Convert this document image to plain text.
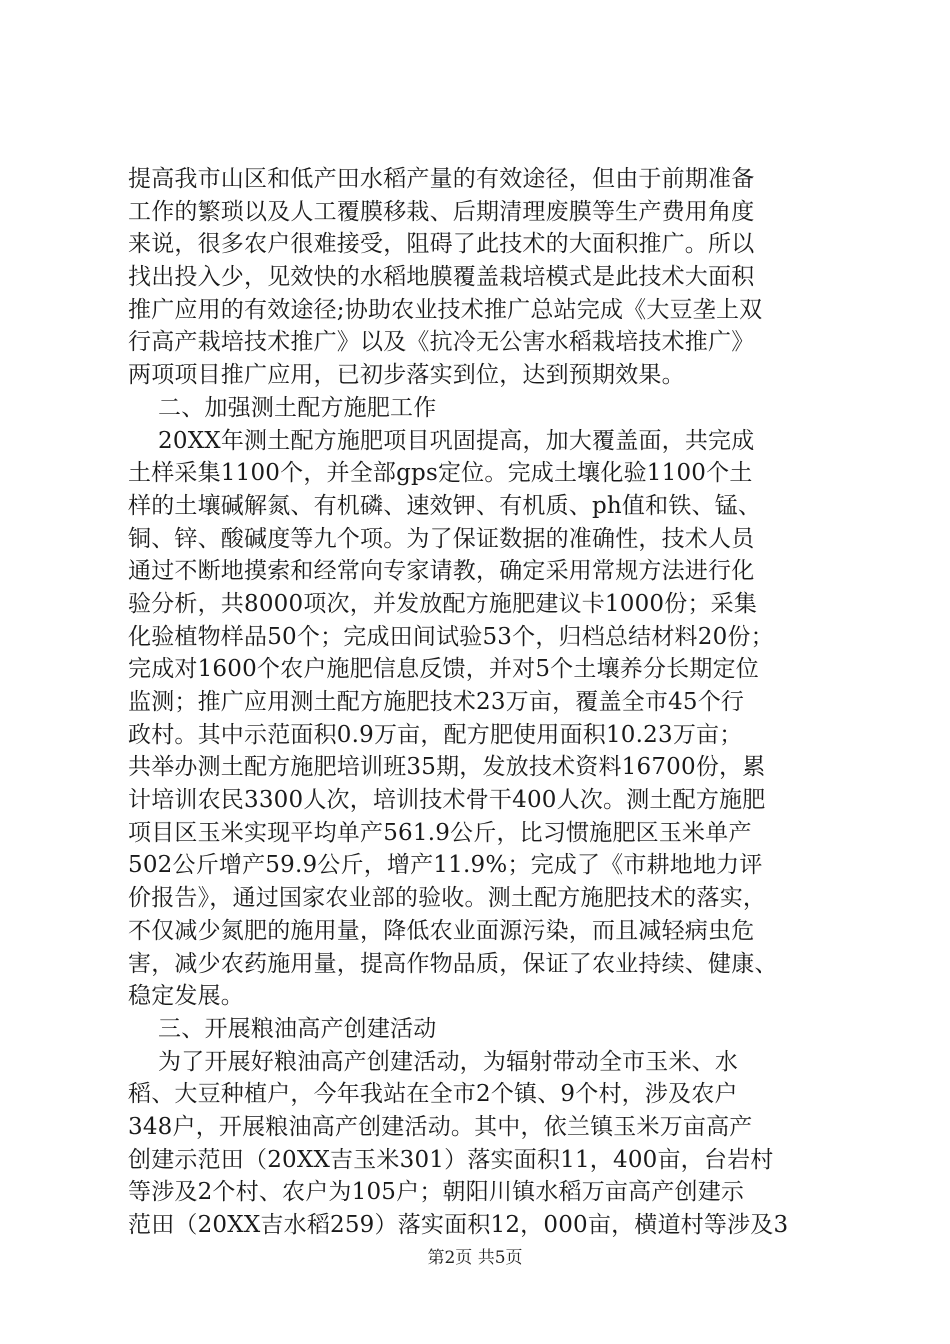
提高我市山区和低产田水稻产量的有效途径，但由于前期准备
工作的繁琐以及人工覆膜移栽、后期清理废膜等生产费用角度
来说，很多农户很难接受，阻碍了此技术的大面积推广。所以
找出投入少，见效快的水稻地膜覆盖栽培模式是此技术大面积
推广应用的有效途径;协助农业技术推广总站完成《大豆垄上双
行高产栽培技术推广》以及《抗冷无公害水稻栽培技术推广》
两项项目推广应用，已初步落实到位，达到预期效果。
二、加强测土配方施肥工作
20XX年测土配方施肥项目巩固提高，加大覆盖面，共完成
土样采集1100个，并全部gps定位。完成土壤化验1100个土
样的土壤碱解氮、有机磷、速效钾、有机质、ph值和铁、锰、
铜、锌、酸碱度等九个项。为了保证数据的准确性，技术人员
通过不断地摸索和经常向专家请教，确定采用常规方法进行化
验分析，共8000项次，并发放配方施肥建议卡1000份；采集
化验植物样品50个；完成田间试验53个，归档总结材料20份；
完成对1600个农户施肥信息反馈，并对5个土壤养分长期定位
监测；推广应用测土配方施肥技术23万亩，覆盖全市45个行
政村。其中示范面积0.9万亩，配方肥使用面积10.23万亩；
共举办测土配方施肥培训班35期，发放技术资料16700份，累
计培训农民3300人次，培训技术骨干400人次。测土配方施肥
项目区玉米实现平均单产561.9公斤，比习惯施肥区玉米单产
502公斤增产59.9公斤，增产11.9%；完成了《市耕地地力评
价报告》，通过国家农业部的验收。测土配方施肥技术的落实，
不仅减少氮肥的施用量，降低农业面源污染，而且减轻病虫危
害，减少农药施用量，提高作物品质，保证了农业持续、健康、
稳定发展。
三、开展粮油高产创建活动
为了开展好粮油高产创建活动，为辐射带动全市玉米、水
稻、大豆种植户，今年我站在全市2个镇、9个村，涉及农户
348户，开展粮油高产创建活动。其中，依兰镇玉米万亩高产
创建示范田（20XX吉玉米301）落实面积11，400亩，台岩村
等涉及2个村、农户为105户；朝阳川镇水稻万亩高产创建示
范田（20XX吉水稻259）落实面积12，000亩，横道村等涉及3
第2页 共5页
